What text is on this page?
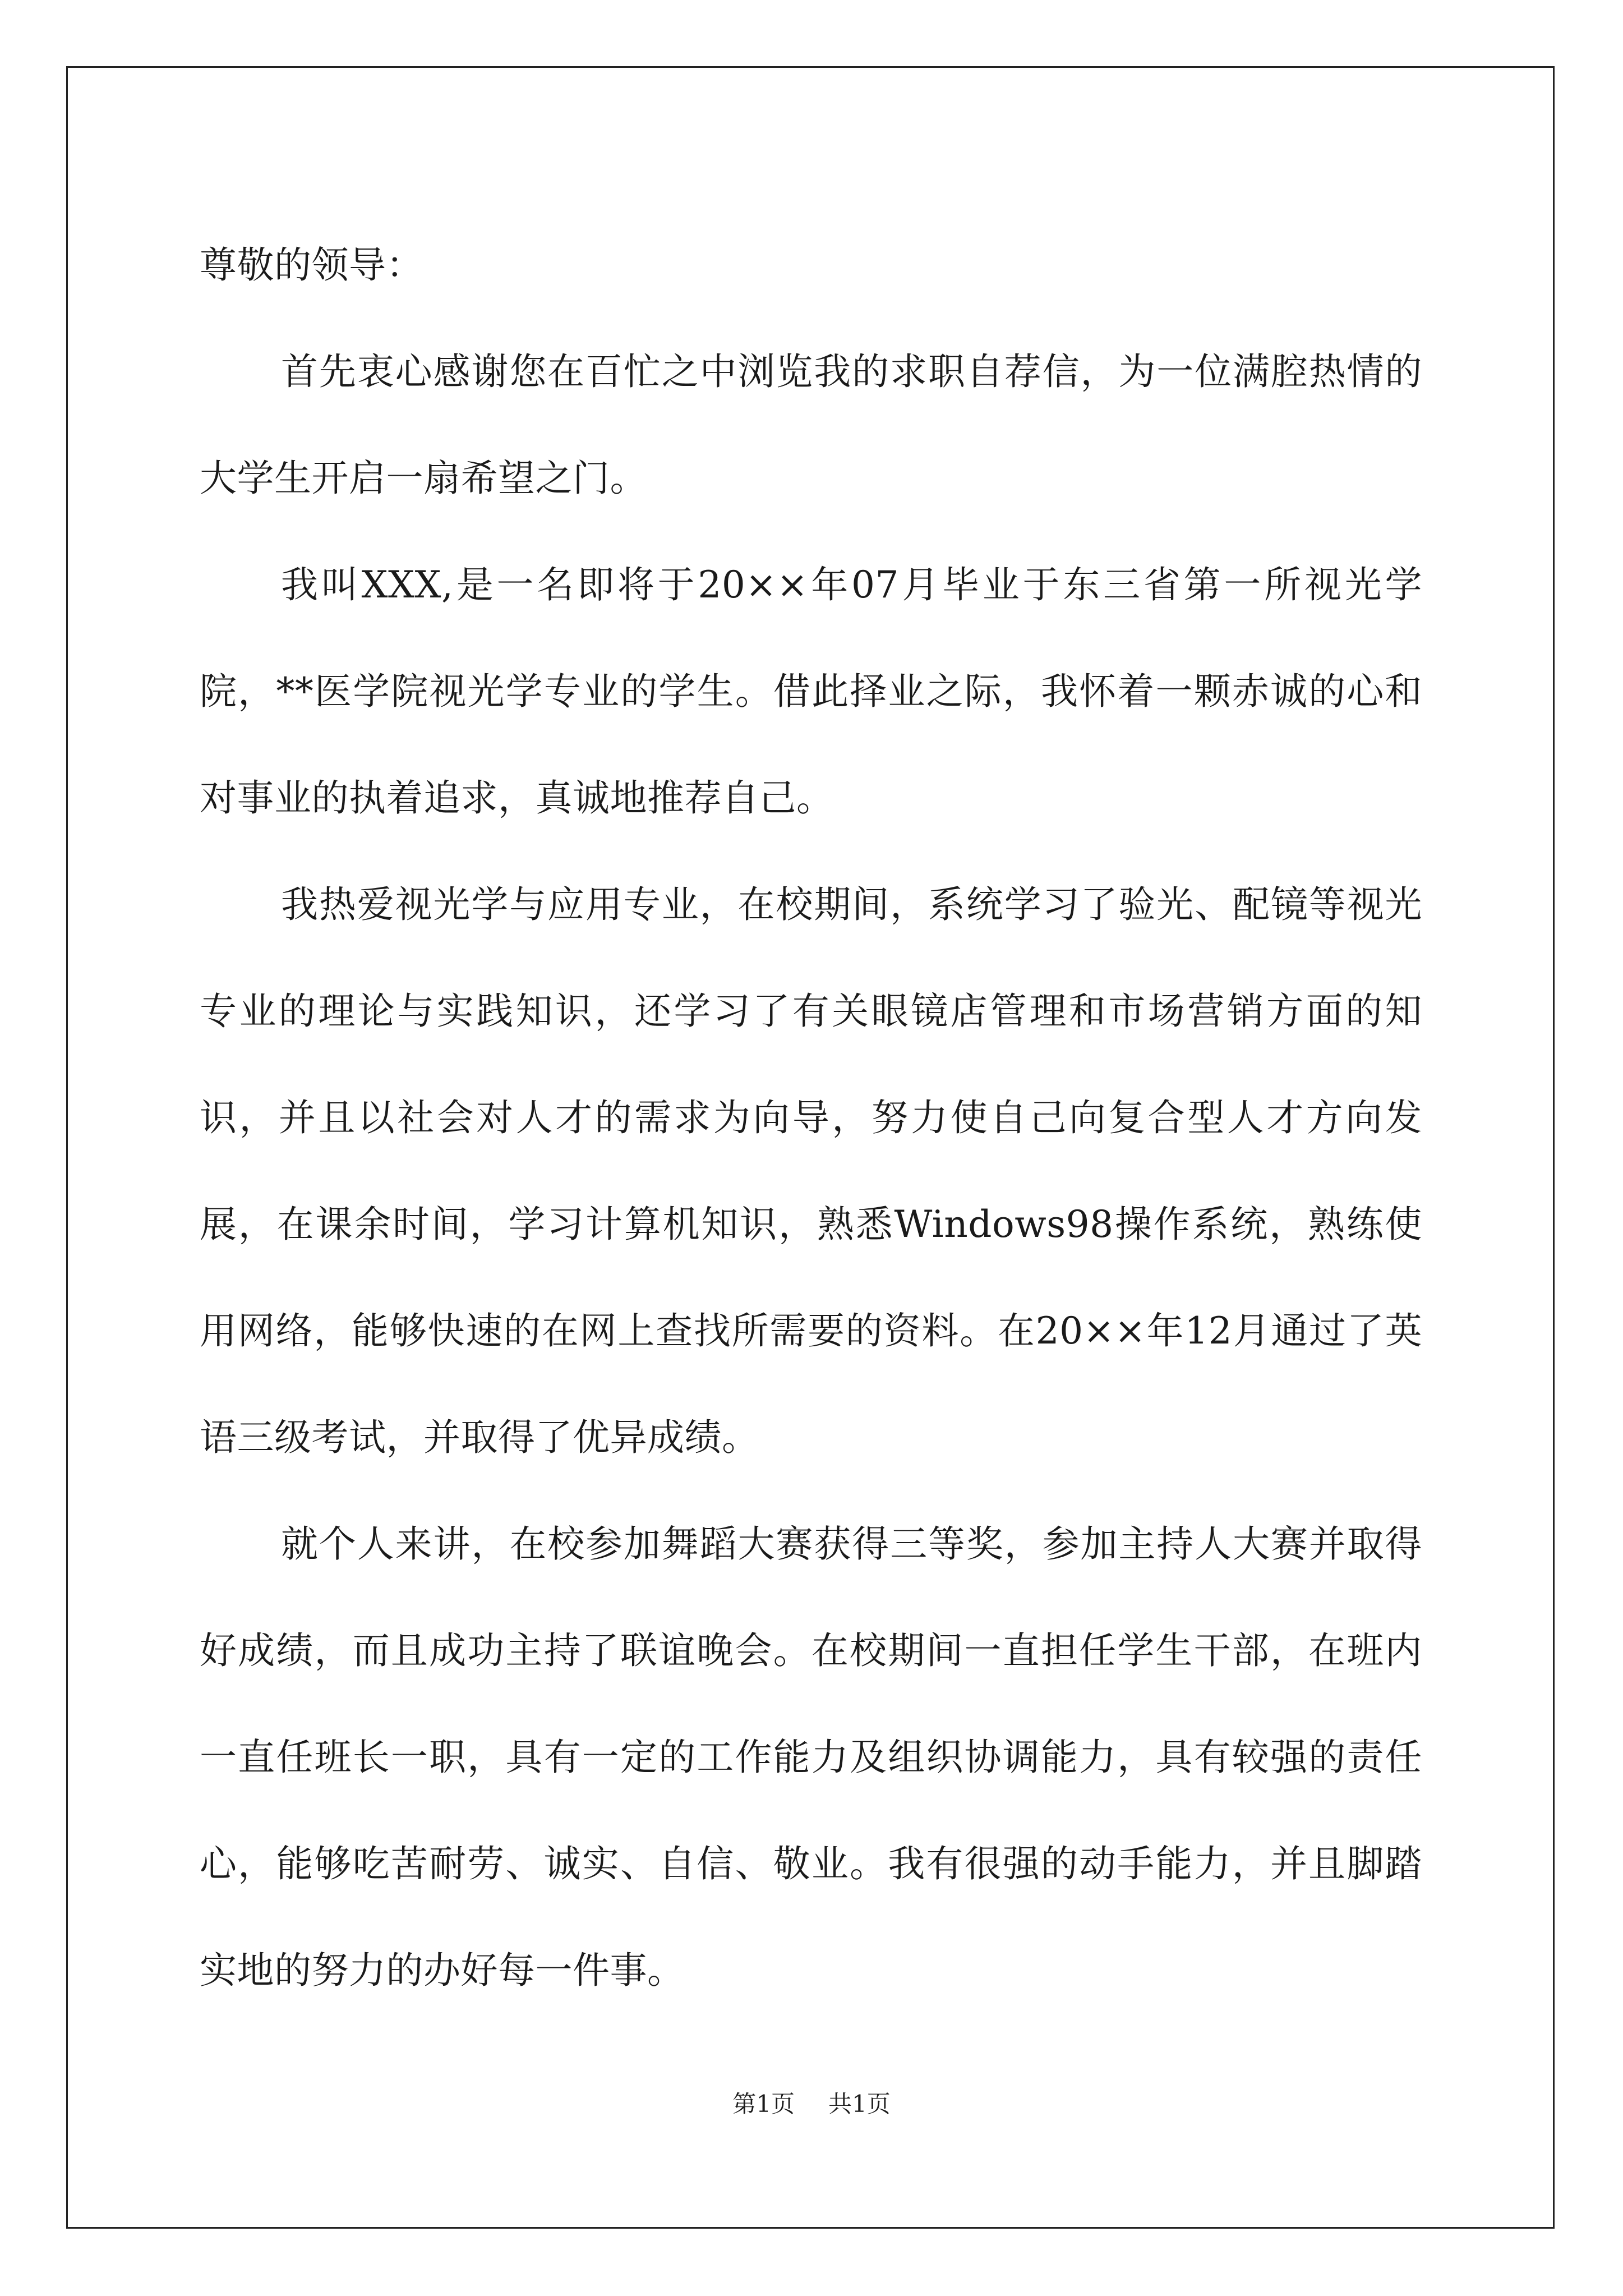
尊敬的领导：

首先衷心感谢您在百忙之中浏览我的求职自荐信，为一位满腔热情的大学生开启一扇希望之门。

我叫XXX,是一名即将于20××年07月毕业于东三省第一所视光学院，**医学院视光学专业的学生。借此择业之际，我怀着一颗赤诚的心和对事业的执着追求，真诚地推荐自己。

我热爱视光学与应用专业，在校期间，系统学习了验光、配镜等视光专业的理论与实践知识，还学习了有关眼镜店管理和市场营销方面的知识，并且以社会对人才的需求为向导，努力使自己向复合型人才方向发展，在课余时间，学习计算机知识，熟悉Windows98操作系统，熟练使用网络，能够快速的在网上查找所需要的资料。在20××年12月通过了英语三级考试，并取得了优异成绩。

就个人来讲，在校参加舞蹈大赛获得三等奖，参加主持人大赛并取得好成绩，而且成功主持了联谊晚会。在校期间一直担任学生干部，在班内一直任班长一职，具有一定的工作能力及组织协调能力，具有较强的责任心，能够吃苦耐劳、诚实、自信、敬业。我有很强的动手能力，并且脚踏实地的努力的办好每一件事。

第1页 共1页
